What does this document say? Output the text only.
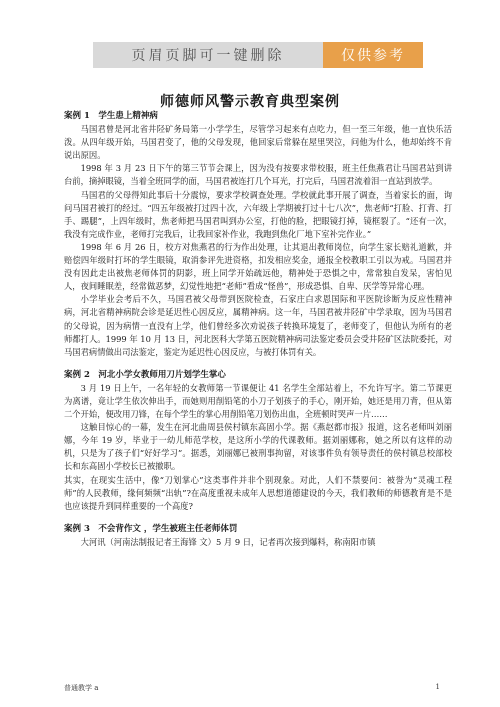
页眉页脚可一键删除	仅供参考
师德师风警示教育典型案例
案例 1　学生患上精神病

马国君曾是河北省井陉矿务局第一小学学生，尽管学习起来有点吃力，但一至三年级，他一直快乐活泼。从四年级开始，马国君变了，他的父母发现，他回家后常躲在屋里哭泣，问他为什么，他却始终不肯说出原因。

1998 年 3 月 23 日下午的第三节节会课上，因为没有按要求带校服，班主任焦燕君让马国君站到讲台前，摘掉眼镜，当着全班同学的面，马国君被连打几个耳光，打完后，马国君流着泪一直站到放学。

马国君的父母得知此事后十分震惊，要求学校调查处理。学校就此事开展了调查，当着家长的面，询问马国君被打的经过。“四五年级被打过四十次，六年级上学期被打过十七八次”，焦老师“打脸、打背、打手、踢腿”，上四年级时，焦老师把马国君叫到办公室，打他的脸，把眼镜打掉，镜框裂了。“还有一次，我没有完成作业，老师打完我后，让我回家补作业，我跑到焦化厂地下室补完作业。”

1998 年 6 月 26 日，校方对焦燕君的行为作出处理，让其退出教师岗位，向学生家长赔礼道歉，并赔偿四年级时打坏的学生眼镜，取消参评先进资格，扣发相应奖金，通报全校教职工引以为戒。马国君并没有因此走出被焦老师体罚的阴影，班上同学开始疏远他，精神处于恐惧之中，常常独自发呆，害怕见人，夜间睡眠差，经常做恶梦，幻觉性地把“老师”看成“怪兽”，形成恐惧、自卑、厌学等异常心理。

小学毕业会考后不久，马国君被父母带到医院检查，石家庄白求恩国际和平医院诊断为反应性精神病，河北省精神病院会诊是延迟性心因反应，属精神病。这一年，马国君被井陉矿中学录取，因为马国君的父母说，因为病情一直没有上学，他们曾经多次劝说孩子转换环境复了，老师变了，但他认为所有的老师都打人。1999 年 10 月 13 日，河北医科大学第五医院精神病司法鉴定委员会受井陉矿区法院委托，对马国君病情做出司法鉴定，鉴定为延迟性心因反应，与被打体罚有关。

案例 2　河北小学女教师用刀片划学生掌心

3 月 19 日上午，一名年轻的女教师第一节课便让 41 名学生全部站着上，不允许写字。第二节课更为离谱，竟让学生依次伸出手，而她则用削铅笔的小刀子划孩子的手心，刚开始，她还是用刀背，但从第二个开始，便改用刀锋，在每个学生的掌心用削铅笔刀划伤出血，全班顿时哭声一片……

这触目惊心的一幕，发生在河北曲周县侯村镇东高固小学。据《燕赵都市报》报道，这名老师叫刘丽娜，今年 19 岁，毕业于一幼儿师范学校，是这所小学的代课教师。据刘丽娜称，她之所以有这样的动机，只是为了孩子们“好好学习”。据悉，刘丽娜已被刑事拘留，对该事件负有领导责任的侯村镇总校部校长和东高固小学校长已被撤职。

其实，在现实生活中，像“刀划掌心”这类事件并非个别现象。对此，人们不禁要问：被誉为“灵魂工程师”的人民教师，缘何频频“出轨”?在高度重视未成年人思想道德建设的今天，我们教师的师德教育是不是也应该提升到同样重要的一个高度?

案例 3　不会背作文 ，学生被班主任老师体罚

大河讯（河南法制报记者王海锋 文）5 月 9 日，记者再次接到爆料，称南阳市镇

普通教学 a	1
